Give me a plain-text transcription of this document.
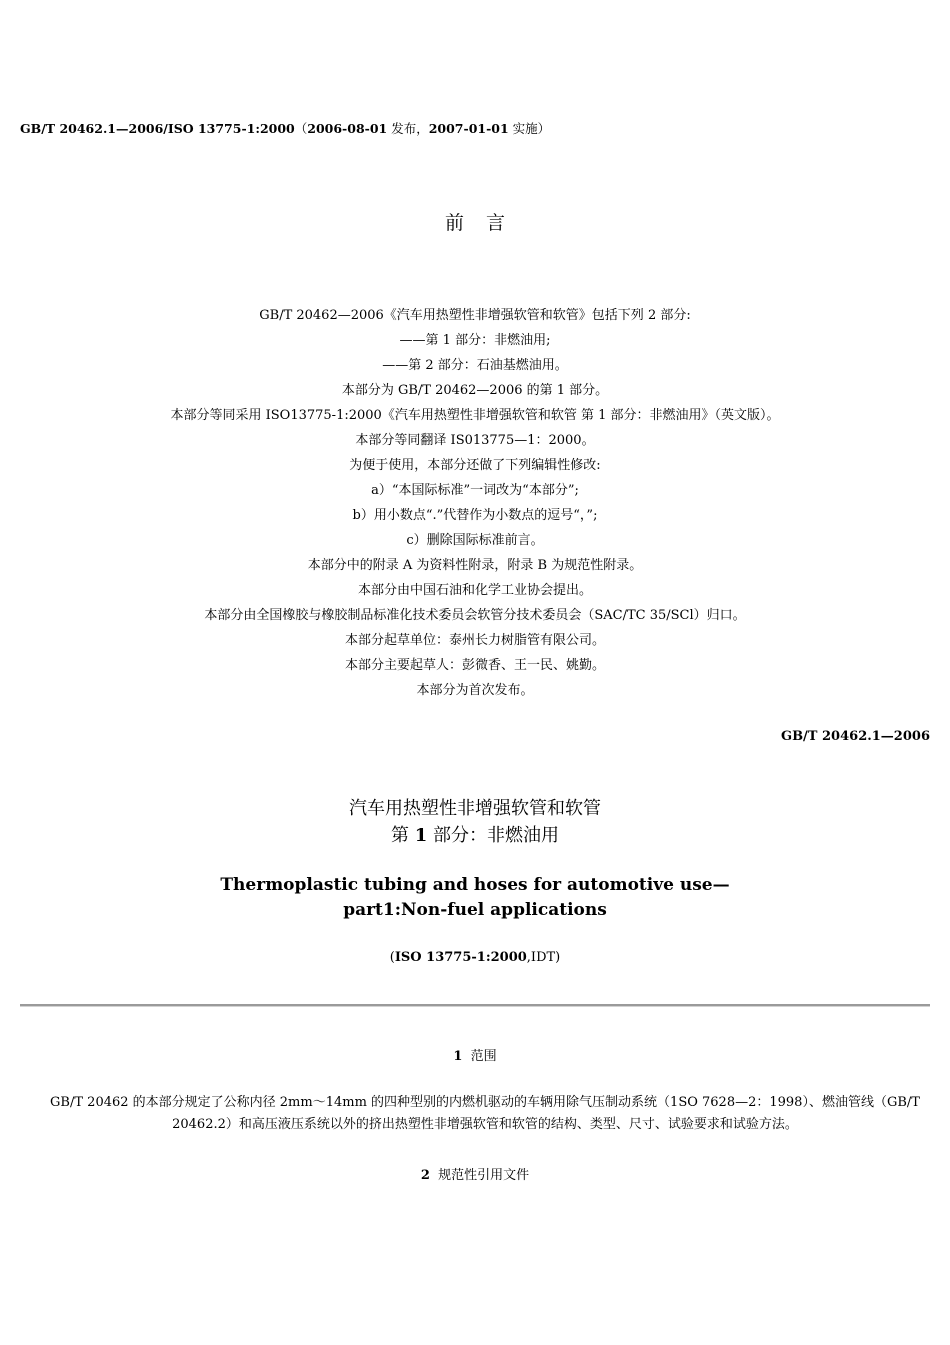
GB/T 20462.1—2006/ISO 13775-1:2000（2006-08-01 发布，2007-01-01 实施）
前言
GB/T 20462—2006《汽车用热塑性非增强软管和软管》包括下列 2 部分:
——第 1 部分：非燃油用;
——第 2 部分：石油基燃油用。
本部分为 GB/T 20462—2006 的第 1 部分。
本部分等同采用 ISO13775-1:2000《汽车用热塑性非增强软管和软管 第 1 部分：非燃油用》（英文版）。
本部分等同翻译 IS013775—1：2000。
为便于使用，本部分还做了下列编辑性修改:
a）“本国际标准”一词改为“本部分”;
b）用小数点“.”代替作为小数点的逗号“，”;
c）删除国际标准前言。
本部分中的附录 A 为资料性附录，附录 B 为规范性附录。
本部分由中国石油和化学工业协会提出。
本部分由全国橡胶与橡胶制品标准化技术委员会软管分技术委员会（SAC/TC 35/SCl）归口。
本部分起草单位：泰州长力树脂管有限公司。
本部分主要起草人：彭微香、王一民、姚勤。
本部分为首次发布。
GB/T 20462.1—2006
汽车用热塑性非增强软管和软管
第 1 部分：非燃油用
Thermoplastic tubing and hoses for automotive use—
part1:Non-fuel applications
(ISO 13775-1:2000,IDT)
1 范围
GB/T 20462 的本部分规定了公称内径 2mm～14mm 的四种型别的内燃机驱动的车辆用除气压制动系统（1SO 7628—2：1998）、燃油管线（GB/T 20462.2）和高压液压系统以外的挤出热塑性非增强软管和软管的结构、类型、尺寸、试验要求和试验方法。
2 规范性引用文件
